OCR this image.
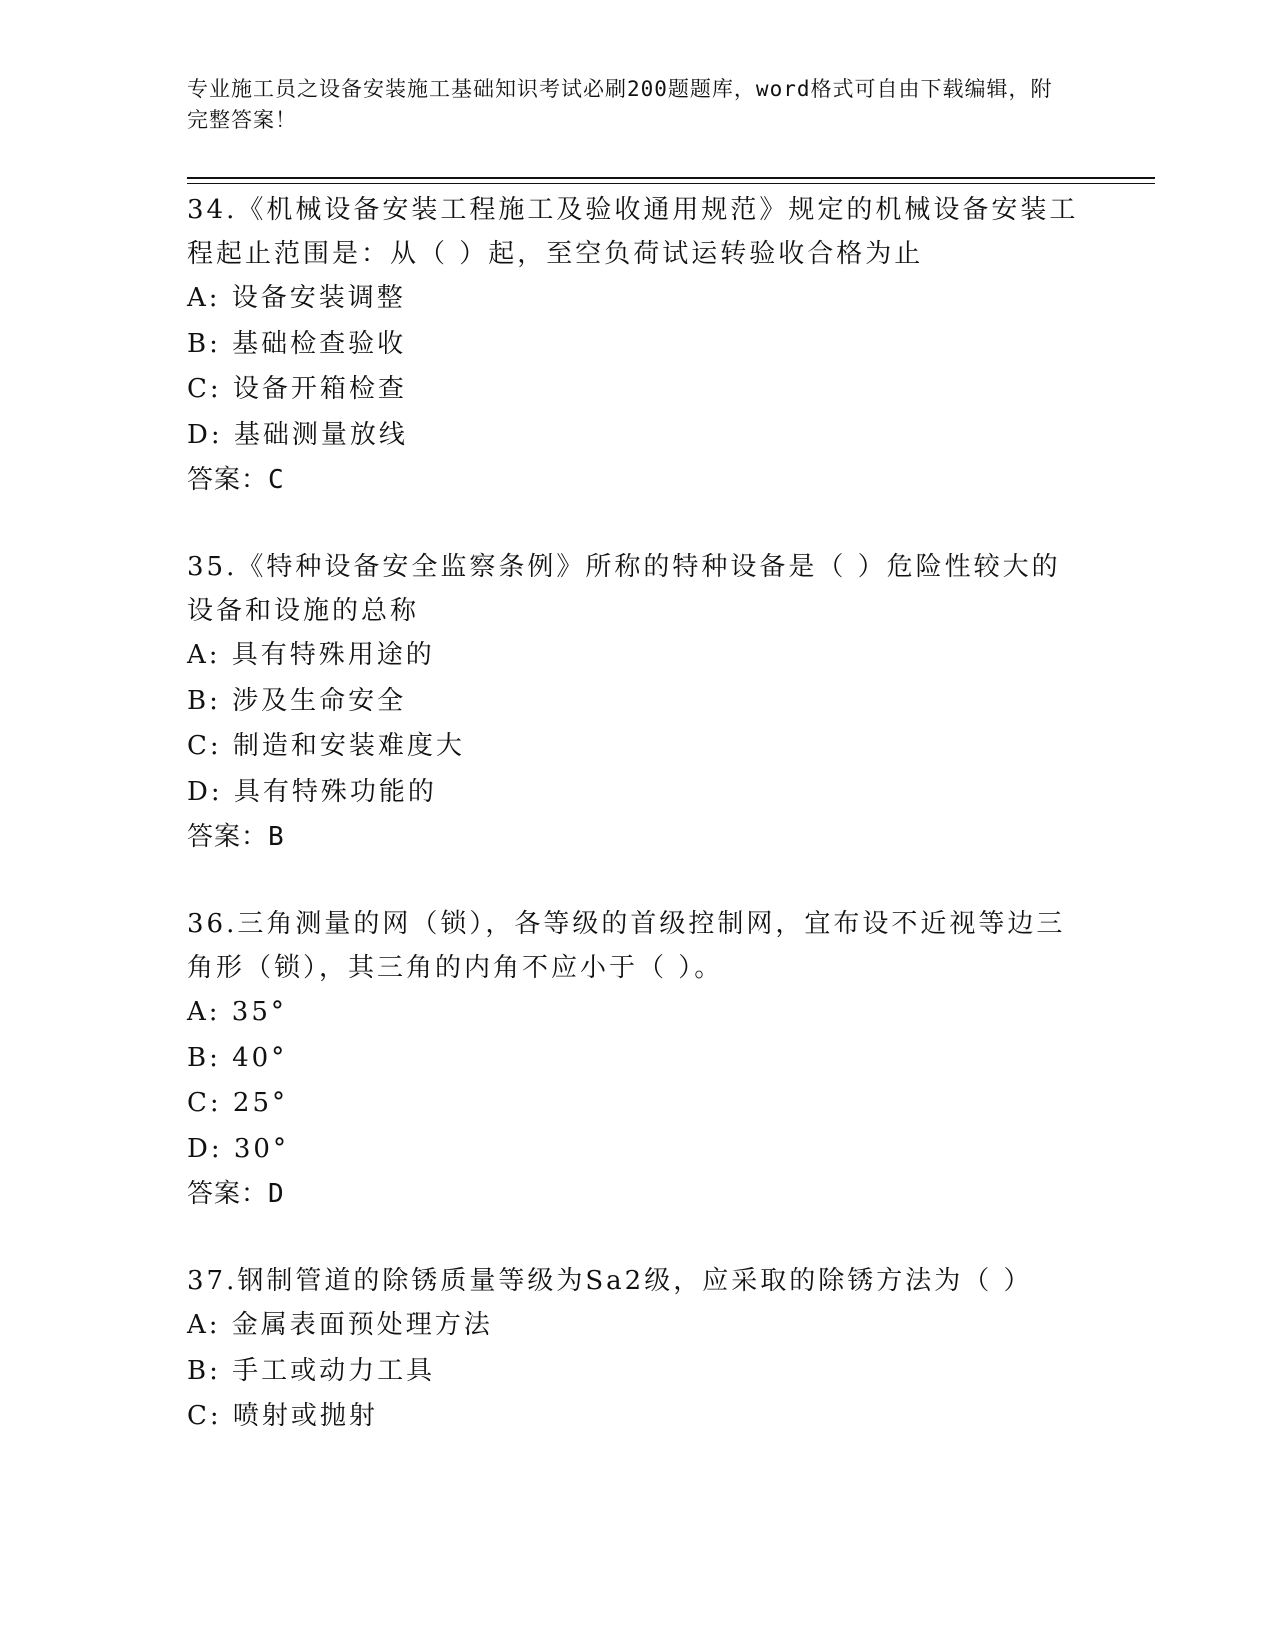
专业施工员之设备安装施工基础知识考试必刷200题题库，word格式可自由下载编辑，附完整答案！
34.《机械设备安装工程施工及验收通用规范》规定的机械设备安装工程起止范围是：从（ ）起，至空负荷试运转验收合格为止
A: 设备安装调整
B: 基础检查验收
C: 设备开箱检查
D: 基础测量放线
答案：C
35.《特种设备安全监察条例》所称的特种设备是（ ）危险性较大的设备和设施的总称
A: 具有特殊用途的
B: 涉及生命安全
C: 制造和安装难度大
D: 具有特殊功能的
答案：B
36.三角测量的网（锁），各等级的首级控制网，宜布设不近视等边三角形（锁），其三角的内角不应小于（ ）。
A: 35°
B: 40°
C: 25°
D: 30°
答案：D
37.钢制管道的除锈质量等级为Sa2级，应采取的除锈方法为（ ）
A: 金属表面预处理方法
B: 手工或动力工具
C: 喷射或抛射
